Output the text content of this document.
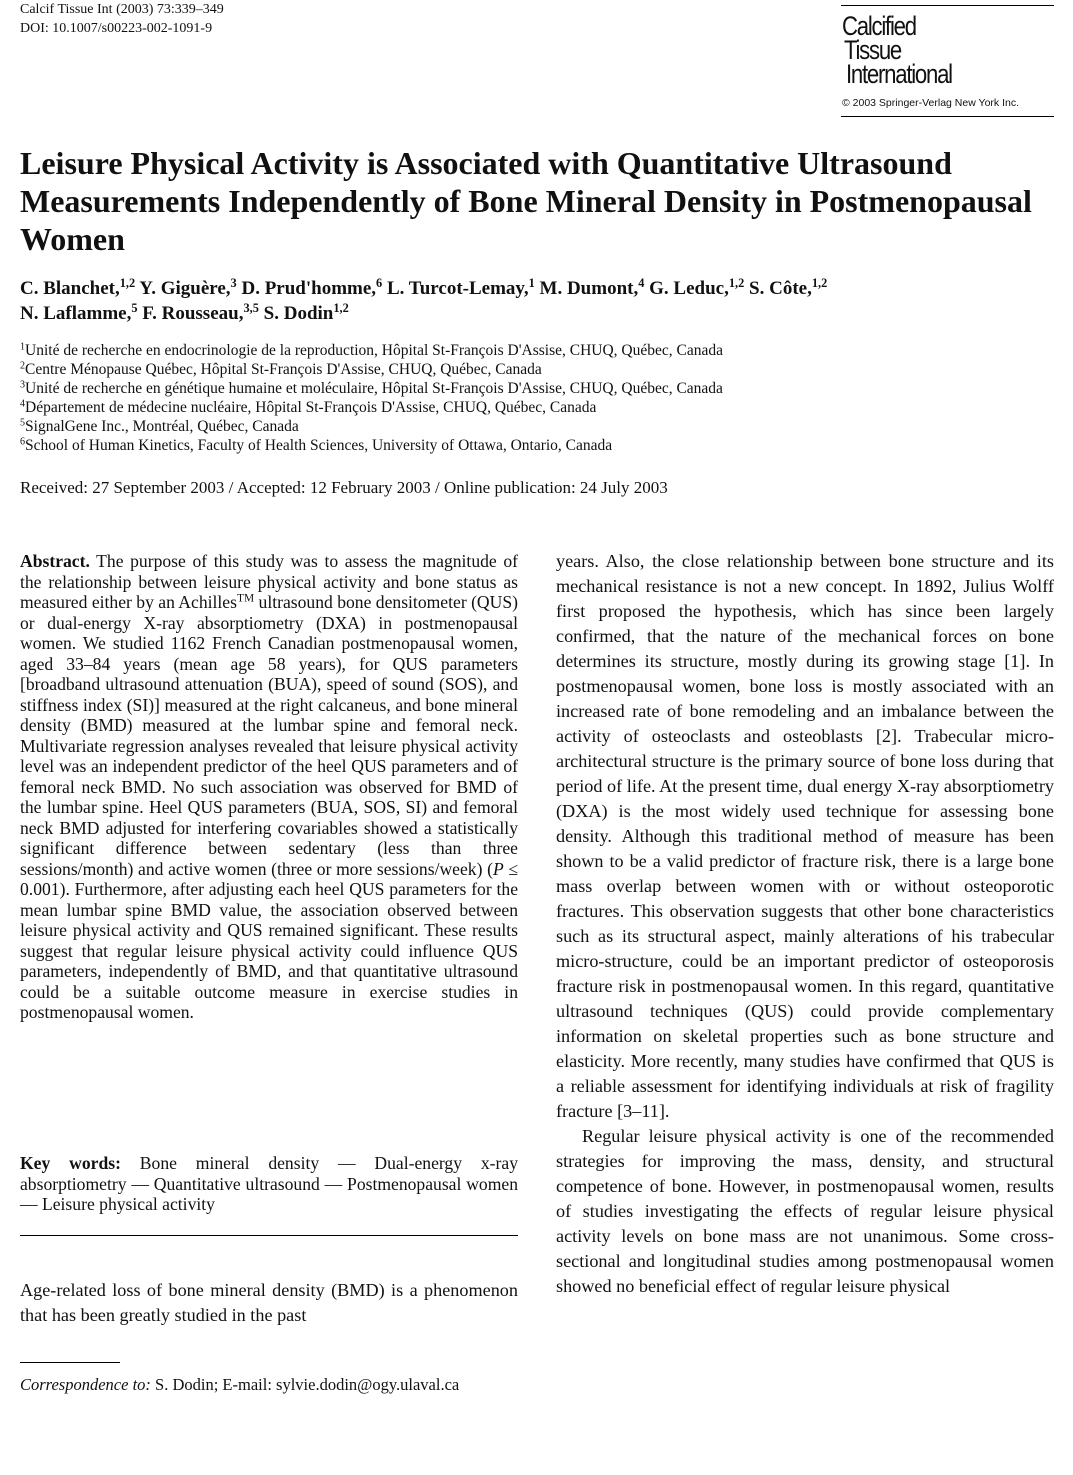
Calcif Tissue Int (2003) 73:339–349
DOI: 10.1007/s00223-002-1091-9	Calcified
Tissue
International
© 2003 Springer-Verlag New York Inc.
Leisure Physical Activity is Associated with Quantitative Ultrasound Measurements Independently of Bone Mineral Density in Postmenopausal Women
C. Blanchet,$^{1,2}$ Y. Giguère,$^3$ D. Prud'homme,$^6$ L. Turcot-Lemay,$^1$ M. Dumont,$^4$ G. Leduc,$^{1,2}$ S. Côte,$^{1,2}$
N. Laflamme,$^5$ F. Rousseau,$^{3,5}$ S. Dodin$^{1,2}$
$^1$Unité de recherche en endocrinologie de la reproduction, Hôpital St-François D'Assise, CHUQ, Québec, Canada
$^2$Centre Ménopause Québec, Hôpital St-François D'Assise, CHUQ, Québec, Canada
$^3$Unité de recherche en génétique humaine et moléculaire, Hôpital St-François D'Assise, CHUQ, Québec, Canada
$^4$Département de médecine nucléaire, Hôpital St-François D'Assise, CHUQ, Québec, Canada
$^5$SignalGene Inc., Montréal, Québec, Canada
$^6$School of Human Kinetics, Faculty of Health Sciences, University of Ottawa, Ontario, Canada
Received: 27 September 2003 / Accepted: 12 February 2003 / Online publication: 24 July 2003
Abstract. The purpose of this study was to assess the magnitude of the relationship between leisure physical activity and bone status as measured either by an Achilles™ ultrasound bone densitometer (QUS) or dual-energy X-ray absorptiometry (DXA) in postmenopausal women. We studied 1162 French Canadian postmenopausal women, aged 33–84 years (mean age 58 years), for QUS parameters [broadband ultrasound attenuation (BUA), speed of sound (SOS), and stiffness index (SI)] measured at the right calcaneus, and bone mineral density (BMD) measured at the lumbar spine and femoral neck. Multivariate regression analyses revealed that leisure physical activity level was an independent predictor of the heel QUS parameters and of femoral neck BMD. No such association was observed for BMD of the lumbar spine. Heel QUS parameters (BUA, SOS, SI) and femoral neck BMD adjusted for interfering covariables showed a statistically significant difference between sedentary (less than three sessions/month) and active women (three or more sessions/week) (P ≤ 0.001). Furthermore, after adjusting each heel QUS parameters for the mean lumbar spine BMD value, the association observed between leisure physical activity and QUS remained significant. These results suggest that regular leisure physical activity could influence QUS parameters, independently of BMD, and that quantitative ultrasound could be a suitable outcome measure in exercise studies in postmenopausal women.
Key words: Bone mineral density — Dual-energy x-ray absorptiometry — Quantitative ultrasound — Postmenopausal women — Leisure physical activity
Age-related loss of bone mineral density (BMD) is a phenomenon that has been greatly studied in the past
Correspondence to: S. Dodin; E-mail: sylvie.dodin@ogy.ulaval.ca

years. Also, the close relationship between bone structure and its mechanical resistance is not a new concept. In 1892, Julius Wolff first proposed the hypothesis, which has since been largely confirmed, that the nature of the mechanical forces on bone determines its structure, mostly during its growing stage [1]. In postmenopausal women, bone loss is mostly associated with an increased rate of bone remodeling and an imbalance between the activity of osteoclasts and osteoblasts [2]. Trabecular micro-architectural structure is the primary source of bone loss during that period of life. At the present time, dual energy X-ray absorptiometry (DXA) is the most widely used technique for assessing bone density. Although this traditional method of measure has been shown to be a valid predictor of fracture risk, there is a large bone mass overlap between women with or without osteoporotic fractures. This observation suggests that other bone characteristics such as its structural aspect, mainly alterations of his trabecular micro-structure, could be an important predictor of osteoporosis fracture risk in postmenopausal women. In this regard, quantitative ultrasound techniques (QUS) could provide complementary information on skeletal properties such as bone structure and elasticity. More recently, many studies have confirmed that QUS is a reliable assessment for identifying individuals at risk of fragility fracture [3–11].

Regular leisure physical activity is one of the recommended strategies for improving the mass, density, and structural competence of bone. However, in postmenopausal women, results of studies investigating the effects of regular leisure physical activity levels on bone mass are not unanimous. Some cross-sectional and longitudinal studies among postmenopausal women showed no beneficial effect of regular leisure physical
